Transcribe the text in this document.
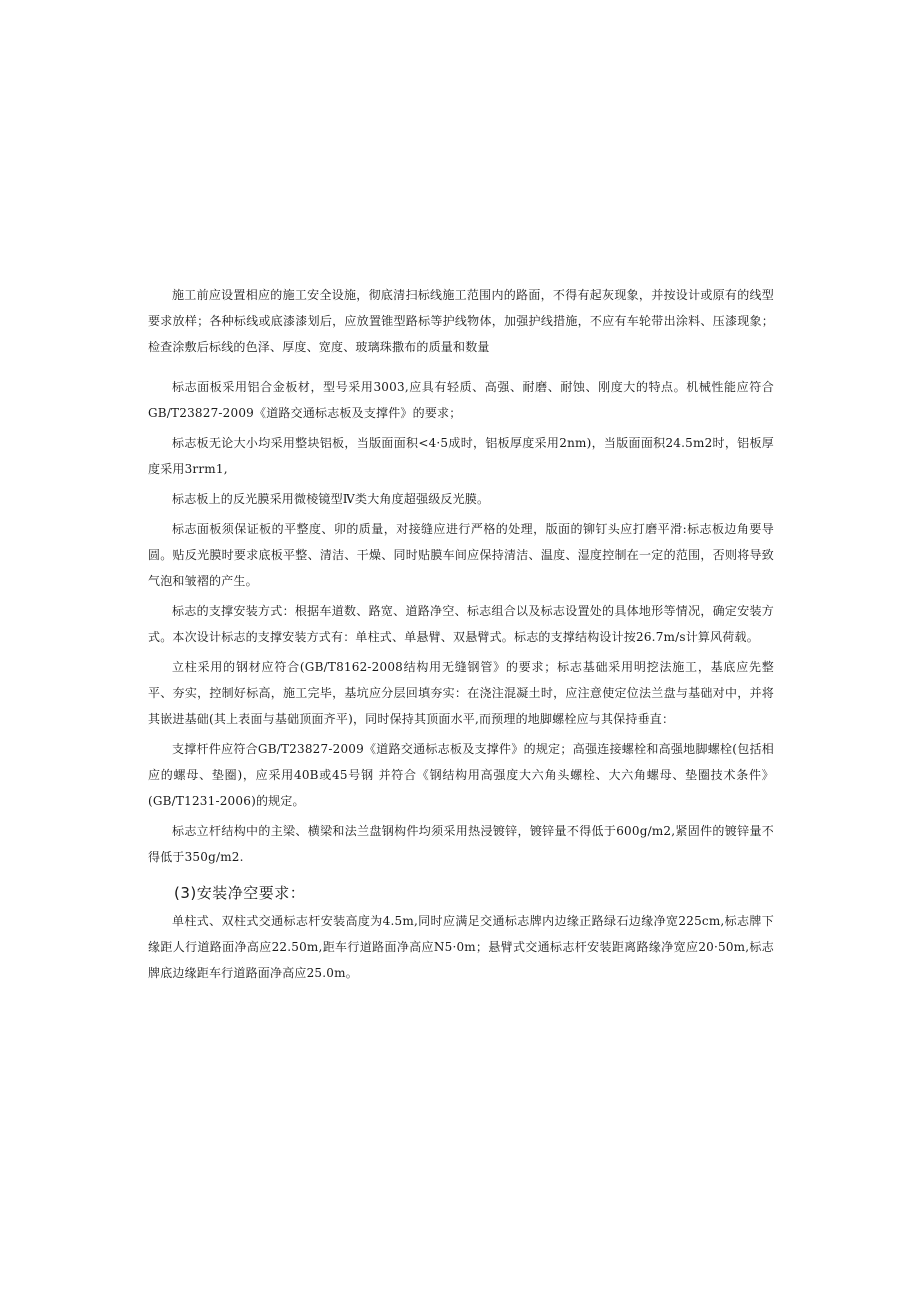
施工前应设置相应的施工安全设施，彻底清扫标线施工范围内的路面，不得有起灰现象，并按设计或原有的线型要求放样；各种标线或底漆漆划后，应放置锥型路标等护线物体，加强护线措施，不应有车轮带出涂料、压漆现象；检查涂敷后标线的色泽、厚度、宽度、玻璃珠撒布的质量和数量

标志面板采用铝合金板材，型号采用3003,应具有轻质、高强、耐磨、耐蚀、刚度大的特点。机械性能应符合GB/T23827-2009《道路交通标志板及支撑件》的要求；

标志板无论大小均采用整块铝板，当版面面积<4·5成时，铝板厚度采用2nm)，当版面面积24.5m2时，铝板厚度采用3rrm1,

标志板上的反光膜采用微棱镜型Ⅳ类大角度超强级反光膜。

标志面板须保证板的平整度、卯的质量，对接缝应进行严格的处理，版面的铆钉头应打磨平滑:标志板边角要导圆。贴反光膜时要求底板平整、清洁、干燥、同时贴膜车间应保持清洁、温度、湿度控制在一定的范围，否则将导致气泡和皱褶的产生。

标志的支撑安装方式：根据车道数、路宽、道路净空、标志组合以及标志设置处的具体地形等情况，确定安装方式。本次设计标志的支撑安装方式有：单柱式、单悬臂、双悬臂式。标志的支撑结构设计按26.7m/s计算风荷载。

立柱采用的钢材应符合(GB/T8162-2008结构用无缝钢管》的要求；标志基础采用明挖法施工，基底应先整平、夯实，控制好标高，施工完毕，基坑应分层回填夯实：在浇注混凝土时，应注意使定位法兰盘与基础对中，并将其嵌进基础(其上表面与基础顶面齐平)，同时保持其顶面水平,而预理的地脚螺栓应与其保持垂直：

支撑杆件应符合GB/T23827-2009《道路交通标志板及支撑件》的规定；高强连接螺栓和高强地脚螺栓(包括相应的螺母、垫圈)，应采用40B或45号钢 并符合《钢结构用高强度大六角头螺栓、大六角螺母、垫圈技术条件》(GB/T1231-2006)的规定。

标志立杆结构中的主梁、横梁和法兰盘钢构件均须采用热浸镀锌，镀锌量不得低于600g∕m2,紧固件的镀锌量不得低于350g∕m2.

(3)安装净空要求：

单柱式、双柱式交通标志杆安装高度为4.5m,同时应满足交通标志牌内边缘正路绿石边缘净宽225cm,标志牌下缘距人行道路面净高应22.50m,距车行道路面净高应N5·0m；悬臂式交通标志杆安装距离路缘净宽应20·50m,标志牌底边缘距车行道路面净高应25.0m。
